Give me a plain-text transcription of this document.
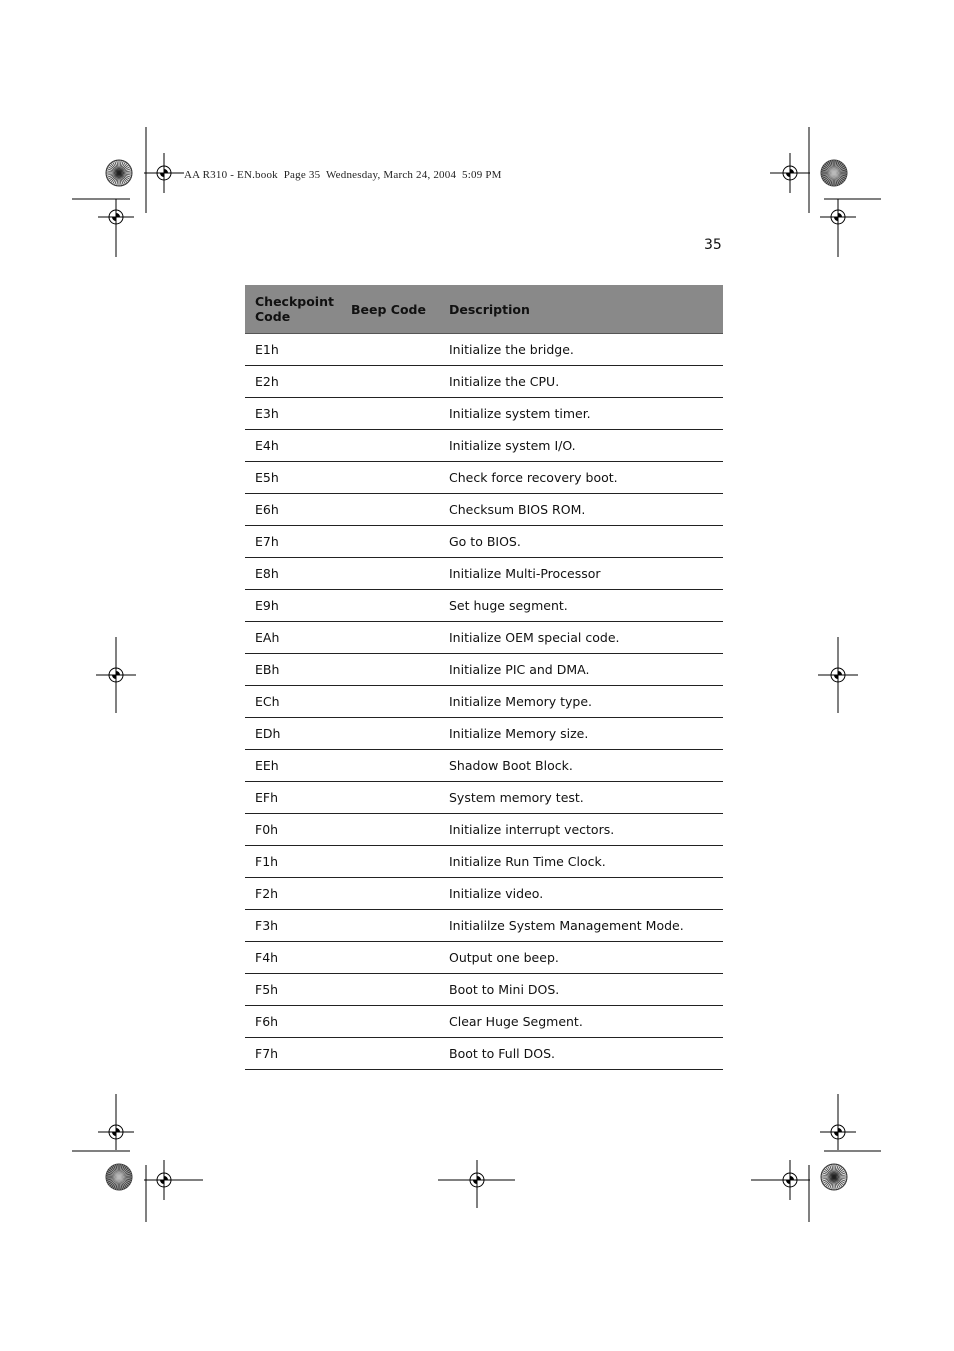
AA R310 - EN.book  Page 35  Wednesday, March 24, 2004  5:09 PM
35
Checkpoint Code	Beep Code	Description
E1h		Initialize the bridge.
E2h		Initialize the CPU.
E3h		Initialize system timer.
E4h		Initialize system I/O.
E5h		Check force recovery boot.
E6h		Checksum BIOS ROM.
E7h		Go to BIOS.
E8h		Initialize Multi-Processor
E9h		Set huge segment.
EAh		Initialize OEM special code.
EBh		Initialize PIC and DMA.
ECh		Initialize Memory type.
EDh		Initialize Memory size.
EEh		Shadow Boot Block.
EFh		System memory test.
F0h		Initialize interrupt vectors.
F1h		Initialize Run Time Clock.
F2h		Initialize video.
F3h		Initialilze System Management Mode.
F4h		Output one beep.
F5h		Boot to Mini DOS.
F6h		Clear Huge Segment.
F7h		Boot to Full DOS.
